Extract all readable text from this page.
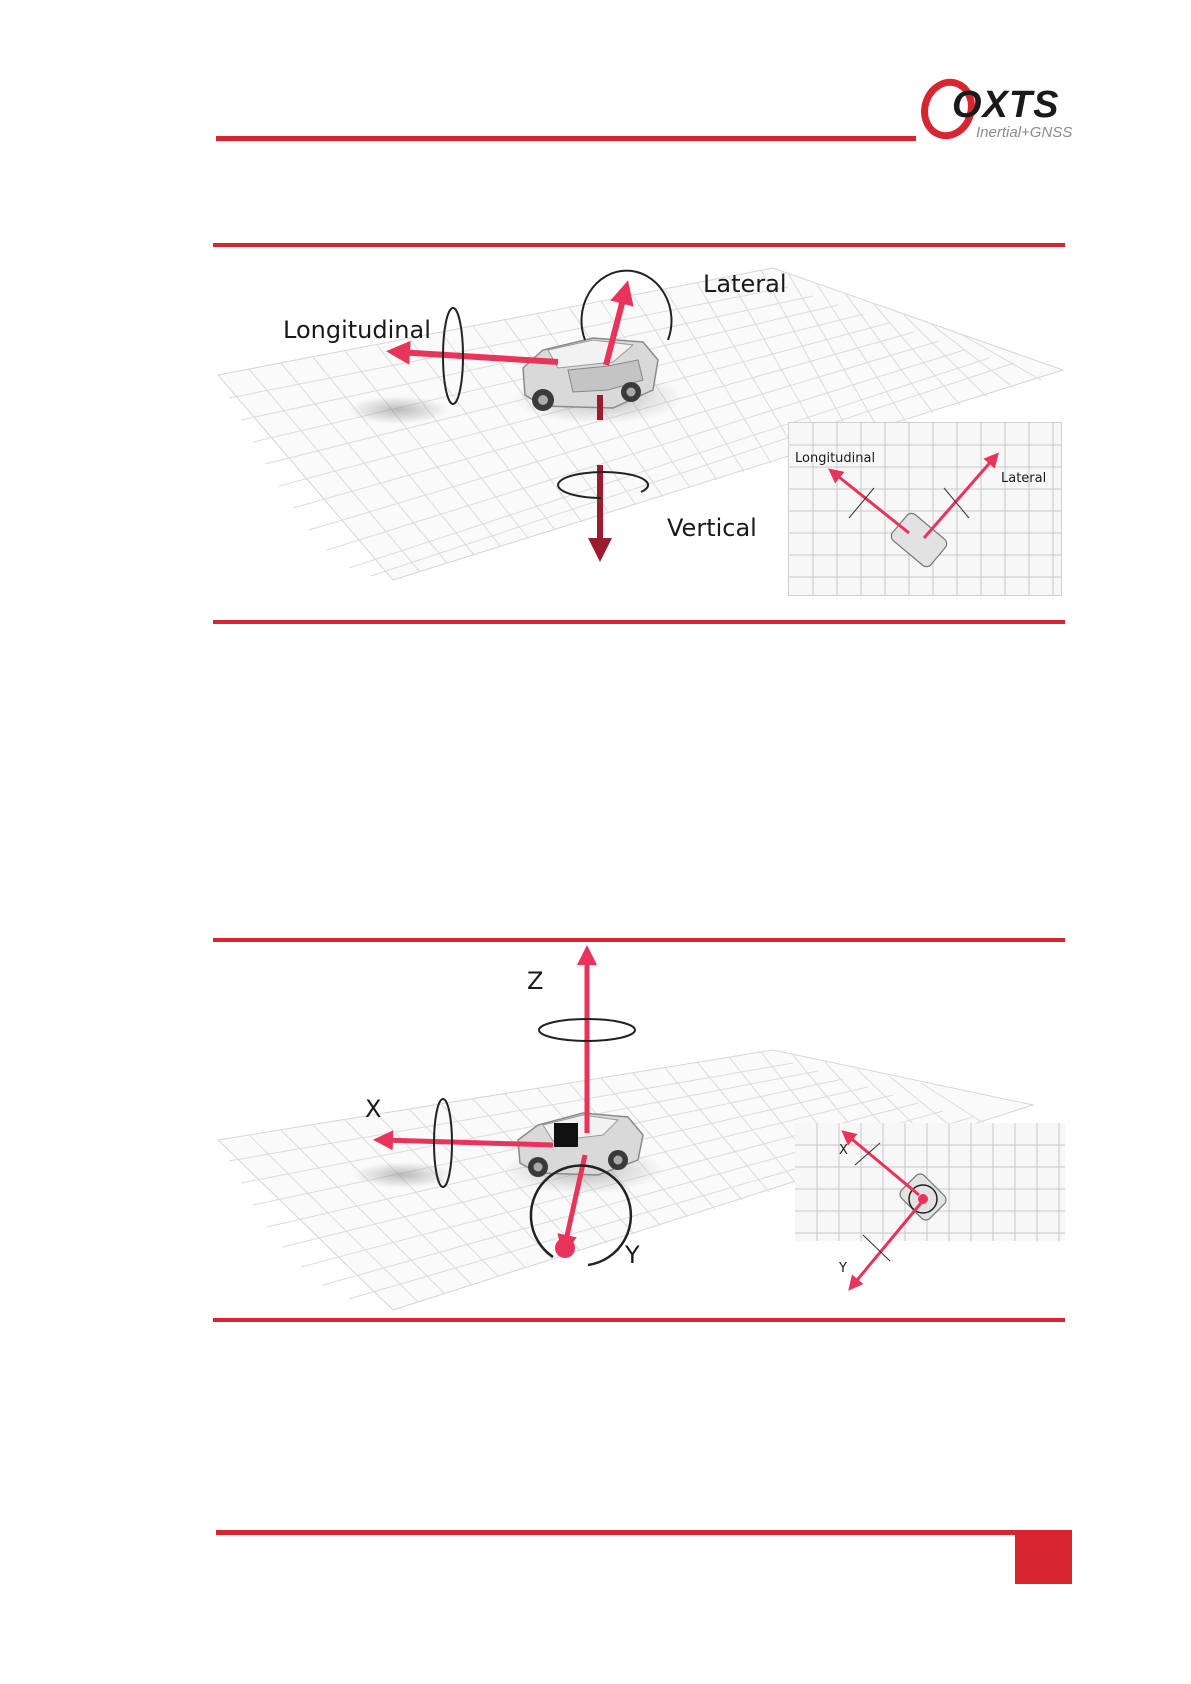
OXTS
Inertial+GNSS
Longitudinal
Lateral
Vertical
Longitudinal
Lateral
Z
X
Y
X
Y
